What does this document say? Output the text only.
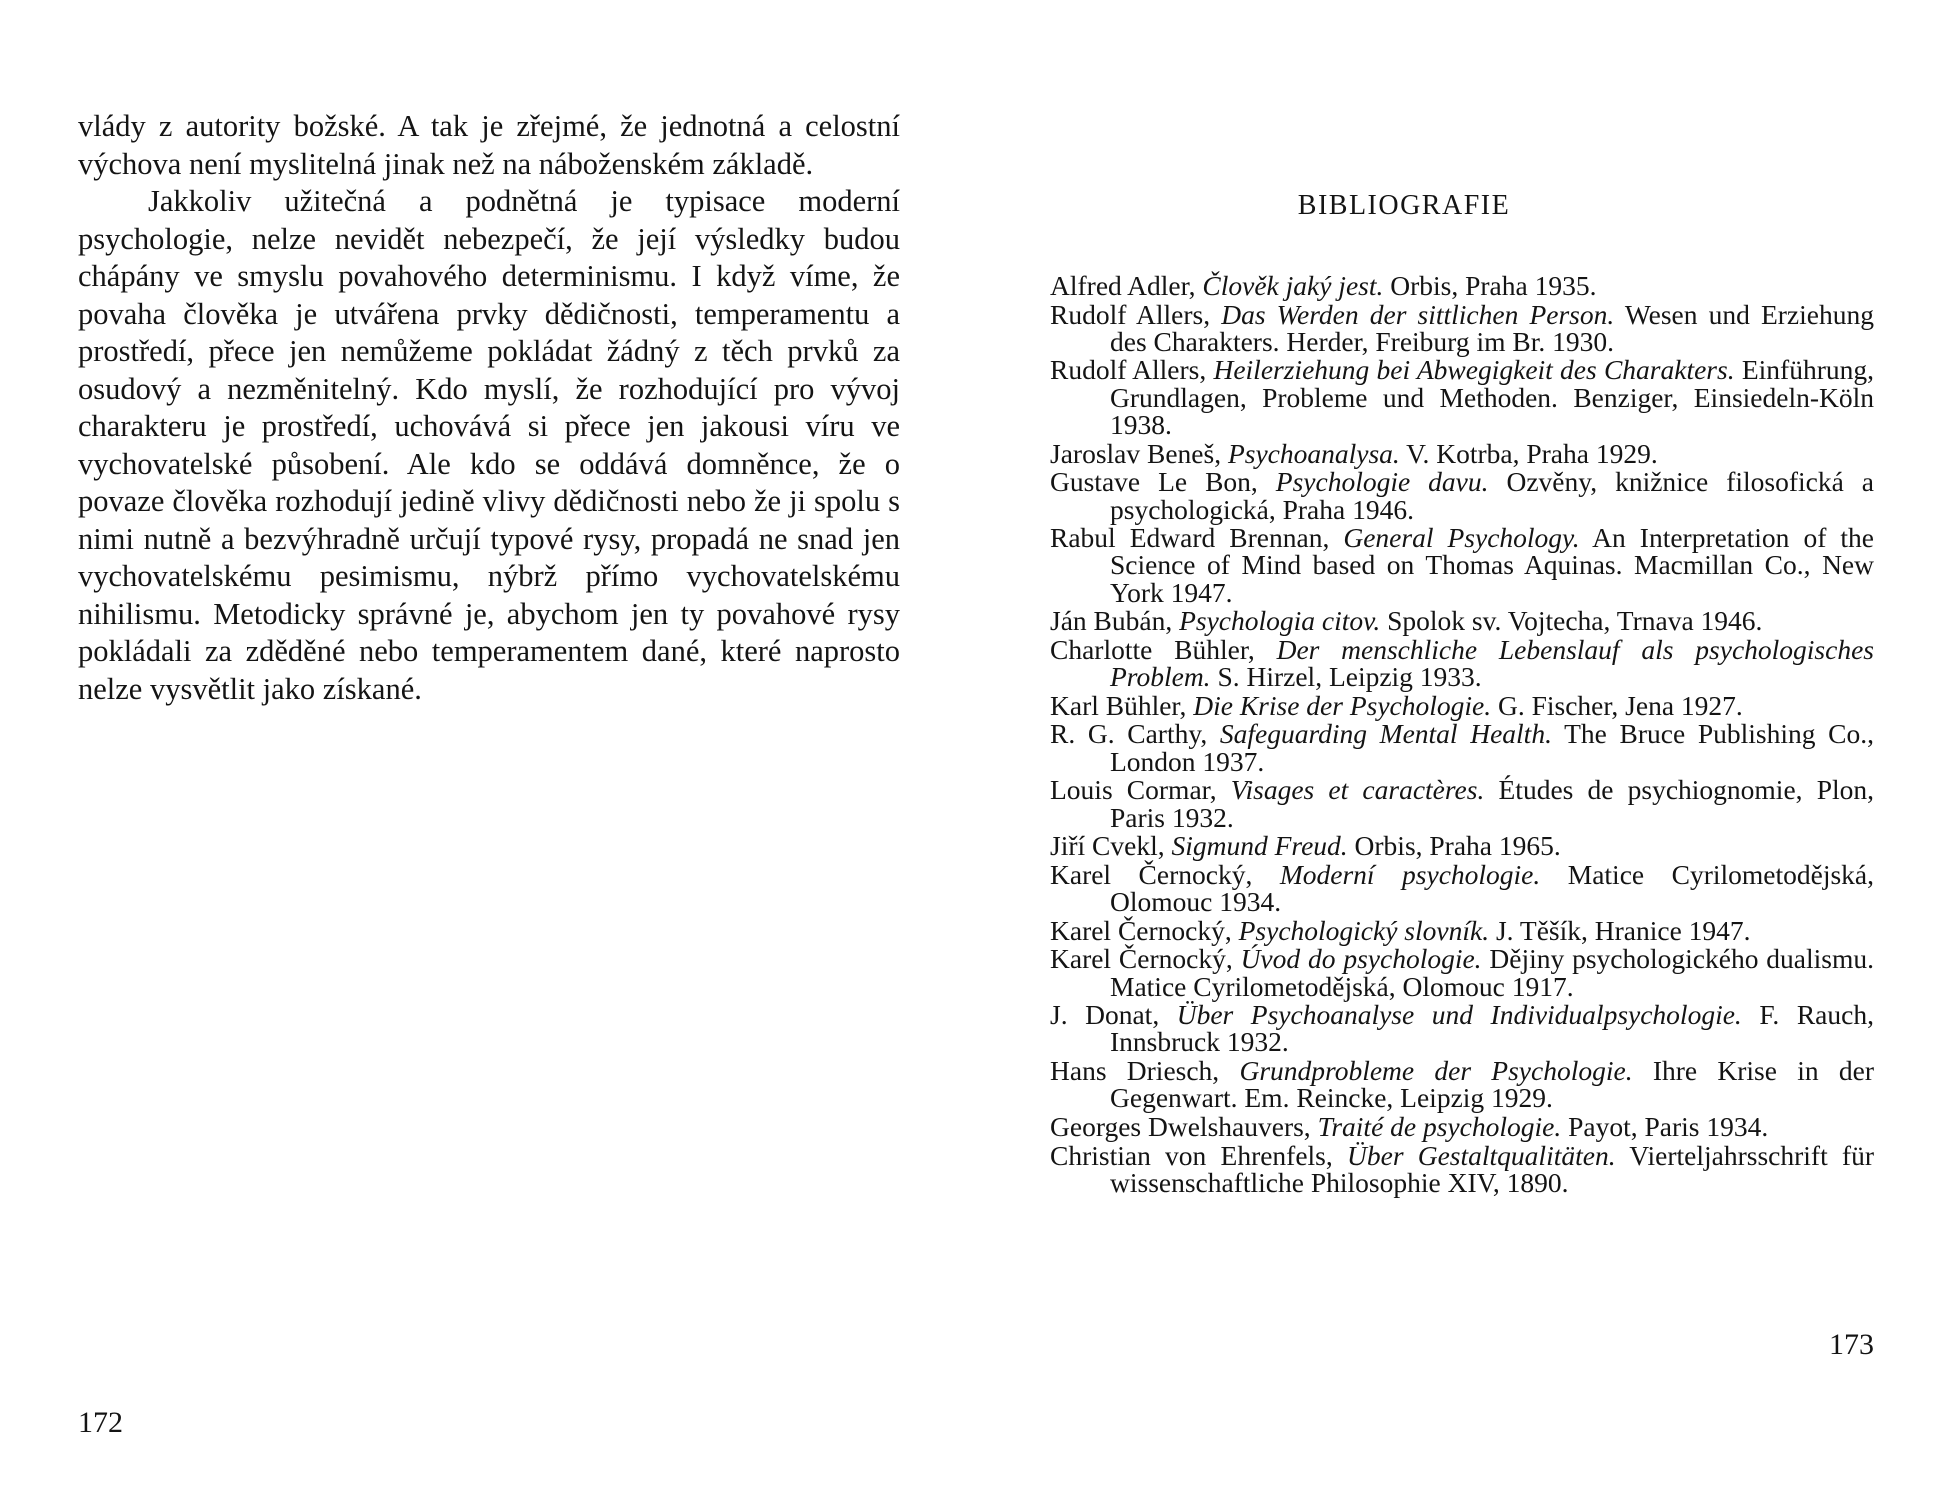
vlády z autority božské. A tak je zřejmé, že jednotná a celostní výchova není myslitelná jinak než na náboženském základě.

Jakkoliv užitečná a podnětná je typisace moderní psychologie, nelze nevidět nebezpečí, že její výsledky budou chápány ve smyslu povahového determinismu. I když víme, že povaha člověka je utvářena prvky dědičnosti, temperamentu a prostředí, přece jen nemůžeme pokládat žádný z těch prvků za osudový a nezměnitelný. Kdo myslí, že rozhodující pro vývoj charakteru je prostředí, uchovává si přece jen jakousi víru ve vychovatelské působení. Ale kdo se oddává domněnce, že o povaze člověka rozhodují jedině vlivy dědičnosti nebo že ji spolu s nimi nutně a bezvýhradně určují typové rysy, propadá ne snad jen vychovatelskému pesimismu, nýbrž přímo vychovatelskému nihilismu. Metodicky správné je, abychom jen ty povahové rysy pokládali za zděděné nebo temperamentem dané, které naprosto nelze vysvětlit jako získané.

172
BIBLIOGRAFIE
Alfred Adler, Člověk jaký jest. Orbis, Praha 1935.
Rudolf Allers, Das Werden der sittlichen Person. Wesen und Erziehung des Charakters. Herder, Freiburg im Br. 1930.
Rudolf Allers, Heilerziehung bei Abwegigkeit des Charakters. Einführung, Grundlagen, Probleme und Methoden. Benziger, Einsiedeln-Köln 1938.
Jaroslav Beneš, Psychoanalysa. V. Kotrba, Praha 1929.
Gustave Le Bon, Psychologie davu. Ozvěny, knižnice filosofická a psychologická, Praha 1946.
Rabul Edward Brennan, General Psychology. An Interpretation of the Science of Mind based on Thomas Aquinas. Macmillan Co., New York 1947.
Ján Bubán, Psychologia citov. Spolok sv. Vojtecha, Trnava 1946.
Charlotte Bühler, Der menschliche Lebenslauf als psychologisches Problem. S. Hirzel, Leipzig 1933.
Karl Bühler, Die Krise der Psychologie. G. Fischer, Jena 1927.
R. G. Carthy, Safeguarding Mental Health. The Bruce Publishing Co., London 1937.
Louis Cormar, Visages et caractères. Études de psychiognomie, Plon, Paris 1932.
Jiří Cvekl, Sigmund Freud. Orbis, Praha 1965.
Karel Černocký, Moderní psychologie. Matice Cyrilometodějská, Olomouc 1934.
Karel Černocký, Psychologický slovník. J. Těšík, Hranice 1947.
Karel Černocký, Úvod do psychologie. Dějiny psychologického dualismu. Matice Cyrilometodějská, Olomouc 1917.
J. Donat, Über Psychoanalyse und Individualpsychologie. F. Rauch, Innsbruck 1932.
Hans Driesch, Grundprobleme der Psychologie. Ihre Krise in der Gegenwart. Em. Reincke, Leipzig 1929.
Georges Dwelshauvers, Traité de psychologie. Payot, Paris 1934.
Christian von Ehrenfels, Über Gestaltqualitäten. Vierteljahrsschrift für wissenschaftliche Philosophie XIV, 1890.
173
